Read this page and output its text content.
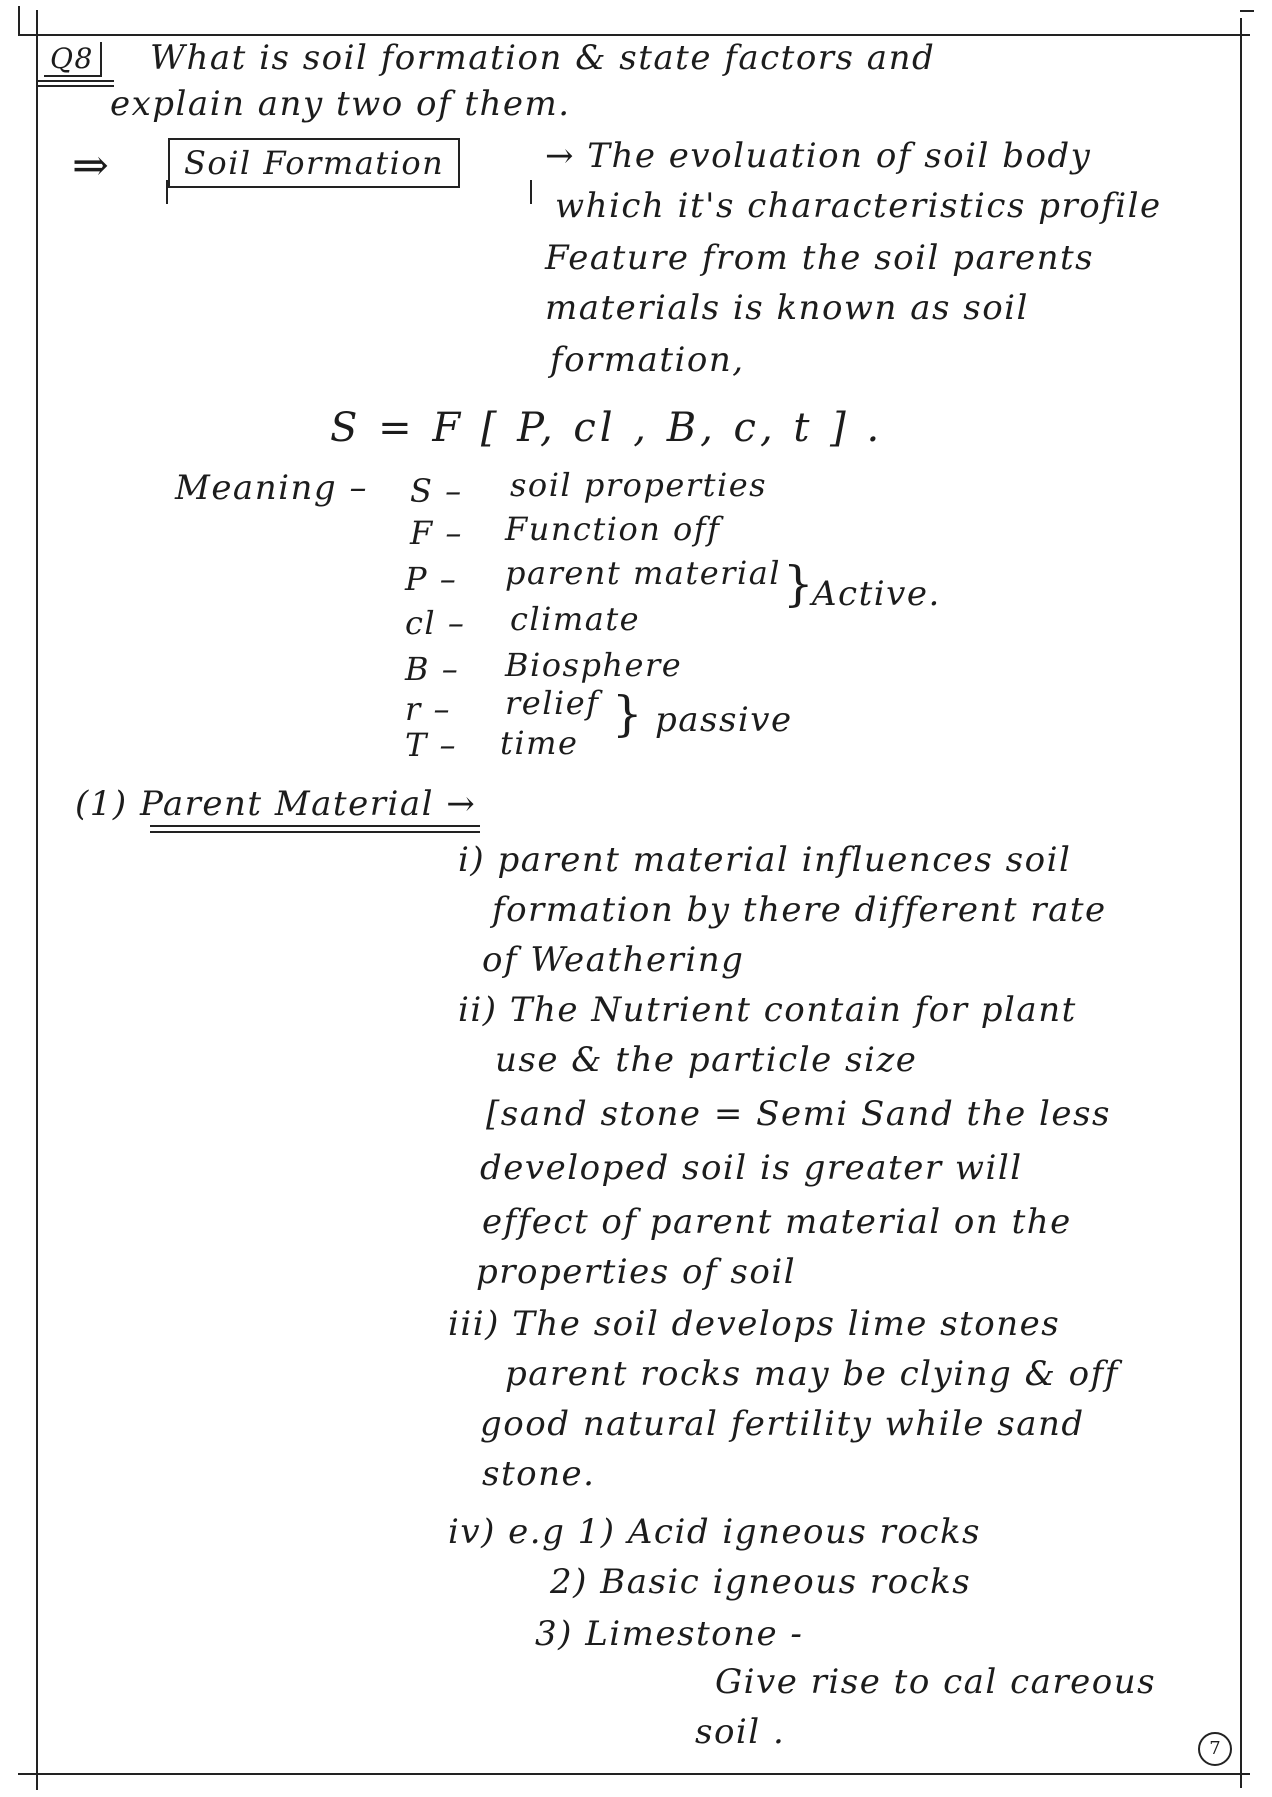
Q8 What is soil formation & state factors and
explain any two of them.
⇒	Soil Formation	→ The evoluation of soil body
which it's characteristics profile
Feature from the soil parents
materials is known as soil
formation,
S = F [ P, cl , B, c, t ] .
Meaning – S – soil properties
F – Function off
P – parent material
cl – climate
}
Active.
B – Biosphere
r – relief
T – time
} passive
(1) Parent Material →
i) parent material influences soil
formation by there different rate
of Weathering
ii) The Nutrient contain for plant
use & the particle size
[sand stone = Semi Sand the less
developed soil is greater will
effect of parent material on the
properties of soil
iii) The soil develops lime stones
parent rocks may be clying & off
good natural fertility while sand
stone.
iv) e.g 1) Acid igneous rocks
2) Basic igneous rocks
3) Limestone -
Give rise to cal careous
soil .	7
